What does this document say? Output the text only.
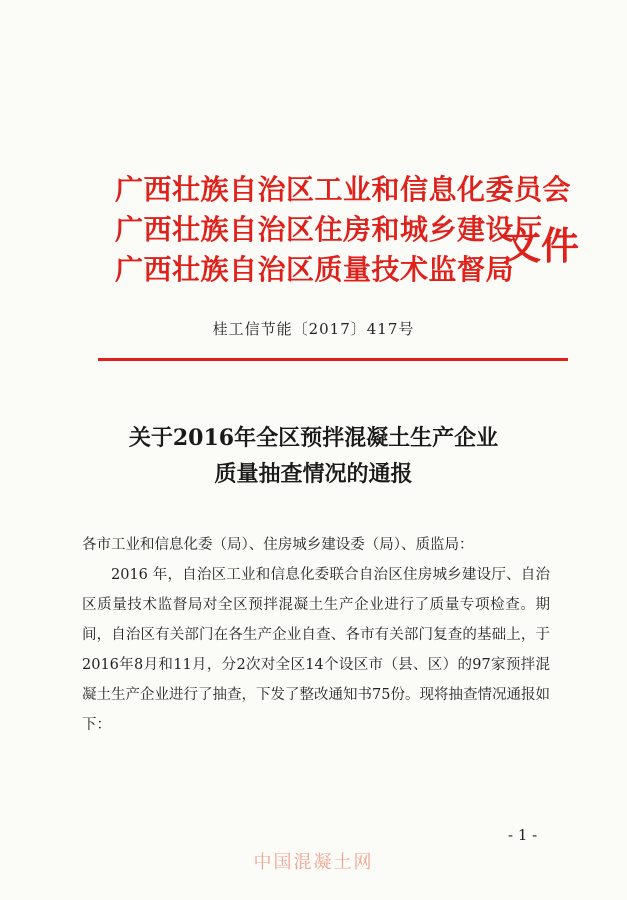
广西壮族自治区工业和信息化委员会
广西壮族自治区住房和城乡建设厅
广西壮族自治区质量技术监督局
文件
桂工信节能〔2017〕417号
关于2016年全区预拌混凝土生产企业
质量抽查情况的通报
各市工业和信息化委（局）、住房城乡建设委（局）、质监局：
2016 年，自治区工业和信息化委联合自治区住房城乡建设厅、自治区质量技术监督局对全区预拌混凝土生产企业进行了质量专项检查。期间，自治区有关部门在各生产企业自查、各市有关部门复查的基础上，于2016年8月和11月，分2次对全区14个设区市（县、区）的97家预拌混凝土生产企业进行了抽查，下发了整改通知书75份。现将抽查情况通报如下：
- 1 -
中国混凝土网
